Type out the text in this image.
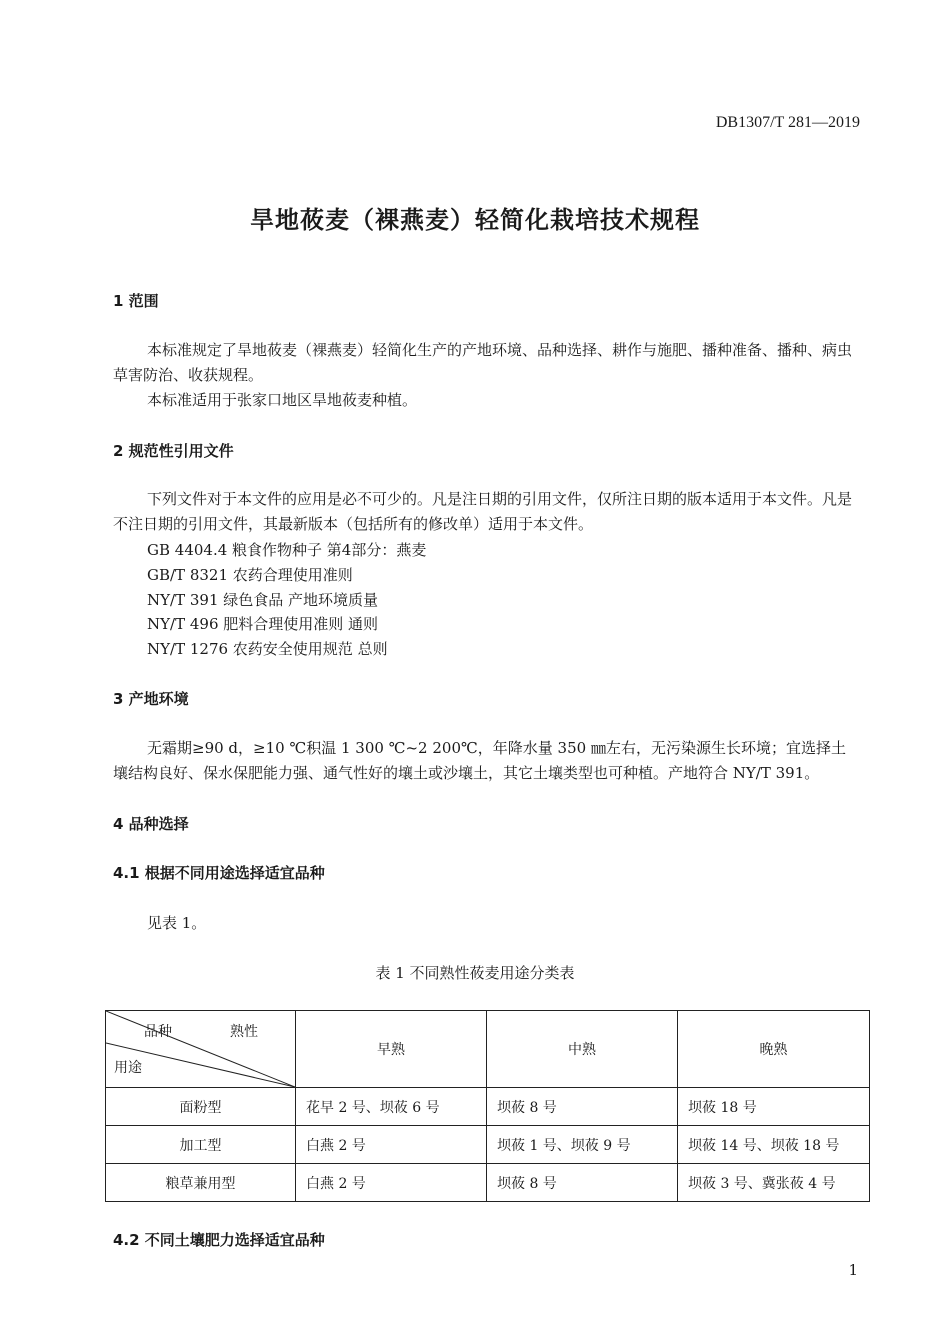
DB1307/T 281—2019
旱地莜麦（裸燕麦）轻简化栽培技术规程
1 范围
本标准规定了旱地莜麦（裸燕麦）轻简化生产的产地环境、品种选择、耕作与施肥、播种准备、播种、病虫草害防治、收获规程。
本标准适用于张家口地区旱地莜麦种植。
2 规范性引用文件
下列文件对于本文件的应用是必不可少的。凡是注日期的引用文件，仅所注日期的版本适用于本文件。凡是不注日期的引用文件，其最新版本（包括所有的修改单）适用于本文件。
GB 4404.4 粮食作物种子 第4部分：燕麦
GB/T 8321 农药合理使用准则
NY/T 391 绿色食品 产地环境质量
NY/T 496 肥料合理使用准则 通则
NY/T 1276 农药安全使用规范 总则
3 产地环境
无霜期≥90 d，≥10 ℃积温 1 300 ℃~2 200℃，年降水量 350 ㎜左右，无污染源生长环境；宜选择土壤结构良好、保水保肥能力强、通气性好的壤土或沙壤土，其它土壤类型也可种植。产地符合 NY/T 391。
4 品种选择
4.1 根据不同用途选择适宜品种
见表 1。
表 1 不同熟性莜麦用途分类表
品种 熟性
用途	早熟	中熟	晚熟
面粉型	花早 2 号、坝莜 6 号	坝莜 8 号	坝莜 18 号
加工型	白燕 2 号	坝莜 1 号、坝莜 9 号	坝莜 14 号、坝莜 18 号
粮草兼用型	白燕 2 号	坝莜 8 号	坝莜 3 号、冀张莜 4 号
4.2 不同土壤肥力选择适宜品种
1
